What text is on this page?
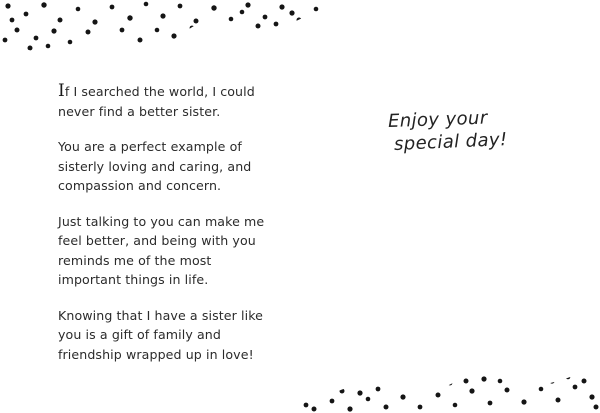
If I searched the world, I could never find a better sister.

You are a perfect example of sisterly loving and caring, and compassion and concern.

Just talking to you can make me feel better, and being with you reminds me of the most important things in life.

Knowing that I have a sister like you is a gift of family and friendship wrapped up in love!

Enjoy your
special day!
